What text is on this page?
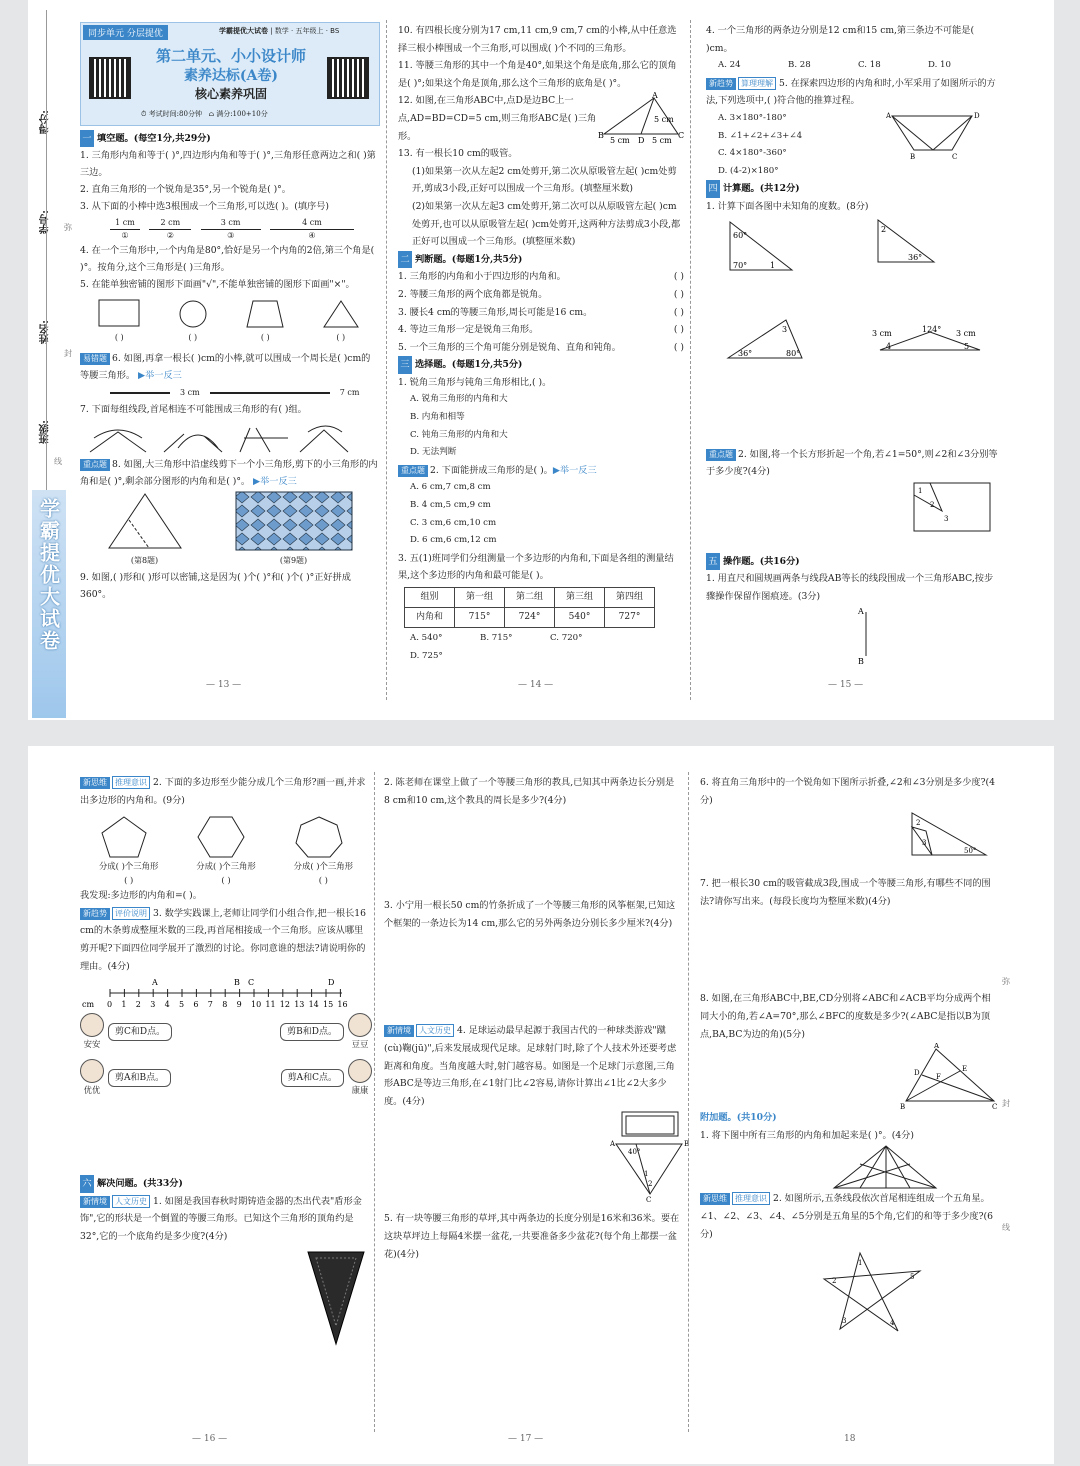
得分:
学号:
姓名:
班级:
弥
封
线
学霸提优大试卷
同步单元 分层提优	学霸提优大试卷 | 数学 · 五年级上 · BS
第二单元、小小设计师
素养达标(A卷)
核心素养巩固
⏱ 考试时间:80分钟   ⌂ 满分:100+10分
一 填空题。(每空1分,共29分)
1. 三角形内角和等于( )°,四边形内角和等于( )°,三角形任意两边之和( )第三边。
2. 直角三角形的一个锐角是35°,另一个锐角是( )°。
3. 从下面的小棒中选3根围成一个三角形,可以选( )。(填序号)
1 cm
①
2 cm
②
3 cm
③
4 cm
④
4. 在一个三角形中,一个内角是80°,恰好是另一个内角的2倍,第三个角是( )°。按角分,这个三角形是( )三角形。
5. 在能单独密铺的图形下面画"√",不能单独密铺的图形下面画"×"。
( )	( )	( )	( )
易错题 6. 如图,再拿一根长( )cm的小棒,就可以围成一个周长是( )cm的等腰三角形。 ▶举一反三
3 cm	7 cm
7. 下面每组线段,首尾相连不可能围成三角形的有( )组。
重点题 8. 如图,大三角形中沿虚线剪下一个小三角形,剪下的小三角形的内角和是( )°,剩余部分图形的内角和是( )°。 ▶举一反三
(第8题)	(第9题)
9. 如图,( )形和( )形可以密铺,这是因为( )个( )°和( )个( )°正好拼成360°。
— 13 —
10. 有四根长度分别为17 cm,11 cm,9 cm,7 cm的小棒,从中任意选择三根小棒围成一个三角形,可以围成( )个不同的三角形。
11. 等腰三角形的其中一个角是40°,如果这个角是底角,那么它的顶角是( )°;如果这个角是顶角,那么这个三角形的底角是( )°。
12. 如图,在三角形ABC中,点D是边BC上一点,AD=BD=CD=5 cm,则三角形ABC是( )三角形。
A
B	C
D
5 cm
5 cm	5 cm
13. 有一根长10 cm的吸管。
(1)如果第一次从左起2 cm处剪开,第二次从原吸管左起( )cm处剪开,剪成3小段,正好可以围成一个三角形。(填整厘米数)
(2)如果第一次从左起3 cm处剪开,第二次可以从原吸管左起( )cm处剪开,也可以从原吸管左起( )cm处剪开,这两种方法剪成3小段,都正好可以围成一个三角形。(填整厘米数)
二 判断题。(每题1分,共5分)
1. 三角形的内角和小于四边形的内角和。	( )
2. 等腰三角形的两个底角都是锐角。	( )
3. 腰长4 cm的等腰三角形,周长可能是16 cm。	( )
4. 等边三角形一定是锐角三角形。	( )
5. 一个三角形的三个角可能分别是锐角、直角和钝角。	( )
三 选择题。(每题1分,共5分)
1. 锐角三角形与钝角三角形相比,( )。
A. 锐角三角形的内角和大B. 内角和相等
C. 钝角三角形的内角和大D. 无法判断
重点题 2. 下面能拼成三角形的是( )。▶举一反三
A. 6 cm,7 cm,8 cmB. 4 cm,5 cm,9 cm
C. 3 cm,6 cm,10 cmD. 6 cm,6 cm,12 cm
3. 五(1)班同学们分组测量一个多边形的内角和,下面是各组的测量结果,这个多边形的内角和最可能是( )。
组别	第一组	第二组	第三组	第四组
内角和	715°	724°	540°	727°
A. 540°	B. 715°	C. 720°D. 725°
— 14 —
4. 一个三角形的两条边分别是12 cm和15 cm,第三条边不可能是( )cm。
A. 24	B. 28	C. 18	D. 10
新趋势 算理理解 5. 在探索四边形的内角和时,小军采用了如图所示的方法,下列选项中,( )符合他的推算过程。
A. 3×180°-180°
B. ∠1+∠2+∠3+∠4
C. 4×180°-360°
D. (4-2)×180°
A	D
B	C
四 计算题。(共12分)
1. 计算下面各图中未知角的度数。(8分)
60°
70°	1
2
36°
3
36°	80°
124°
4	5
3 cm	3 cm
重点题 2. 如图,将一个长方形折起一个角,若∠1=50°,则∠2和∠3分别等于多少度?(4分)
1
2
3
五 操作题。(共16分)
1. 用直尺和圆规画两条与线段AB等长的线段围成一个三角形ABC,按步骤操作保留作图痕迹。(3分)
A
B
— 15 —
新思维 推理意识 2. 下面的多边形至少能分成几个三角形?画一画,并求出多边形的内角和。(9分)
分成( )个三角形
( )
分成( )个三角形
( )
分成( )个三角形
( )
我发现:多边形的内角和=( )。
新趋势 评价说明 3. 数学实践课上,老师让同学们小组合作,把一根长16 cm的木条剪成整厘米数的三段,再首尾相接成一个三角形。应该从哪里剪开呢?下面四位同学展开了激烈的讨论。你同意谁的想法?请说明你的理由。(4分)
0 1 2 3 4 5 6 7 8 9 10 11 12 13 14 15 16
cm
A	B C	D
安安
剪C和D点。	剪B和D点。
豆豆
优优
剪A和B点。	剪A和C点。
康康
六 解决问题。(共33分)
新情境 人文历史 1. 如图是我国春秋时期铸造金器的杰出代表"盾形金饰",它的形状是一个倒置的等腰三角形。已知这个三角形的顶角约是32°,它的一个底角约是多少度?(4分)
— 16 —
2. 陈老师在课堂上做了一个等腰三角形的教具,已知其中两条边长分别是8 cm和10 cm,这个教具的周长是多少?(4分)
3. 小宁用一根长50 cm的竹条折成了一个等腰三角形的风筝框架,已知这个框架的一条边长为14 cm,那么它的另外两条边分别长多少厘米?(4分)
新情境 人文历史 4. 足球运动最早起源于我国古代的一种球类游戏"蹴(cù)鞠(jū)",后来发展成现代足球。足球射门时,除了个人技术外还要考虑距离和角度。当角度越大时,射门越容易。如图是一个足球门示意图,三角形ABC是等边三角形,在∠1射门比∠2容易,请你计算出∠1比∠2大多少度。(4分)
A	B
C
40°
1
2
5. 有一块等腰三角形的草坪,其中两条边的长度分别是16米和36米。要在这块草坪边上每隔4米摆一盆花,一共要准备多少盆花?(每个角上都摆一盆花)(4分)
— 17 —
6. 将直角三角形中的一个锐角如下图所示折叠,∠2和∠3分别是多少度?(4分)
2
3
50°
7. 把一根长30 cm的吸管截成3段,围成一个等腰三角形,有哪些不同的围法?请你写出来。(每段长度均为整厘米数)(4分)
8. 如图,在三角形ABC中,BE,CD分别将∠ABC和∠ACB平均分成两个相同大小的角,若∠A=70°,那么∠BFC的度数是多少?(∠ABC是指以B为顶点,BA,BC为边的角)(5分)
A
B	C
D	E
F
附加题。(共10分)
1. 将下图中所有三角形的内角和加起来是( )°。(4分)
新思维 推理意识 2. 如图所示,五条线段依次首尾相连组成一个五角星。∠1、∠2、∠3、∠4、∠5分别是五角星的5个角,它们的和等于多少度?(6分)
1
5
2
3	4
弥
封
线
18
